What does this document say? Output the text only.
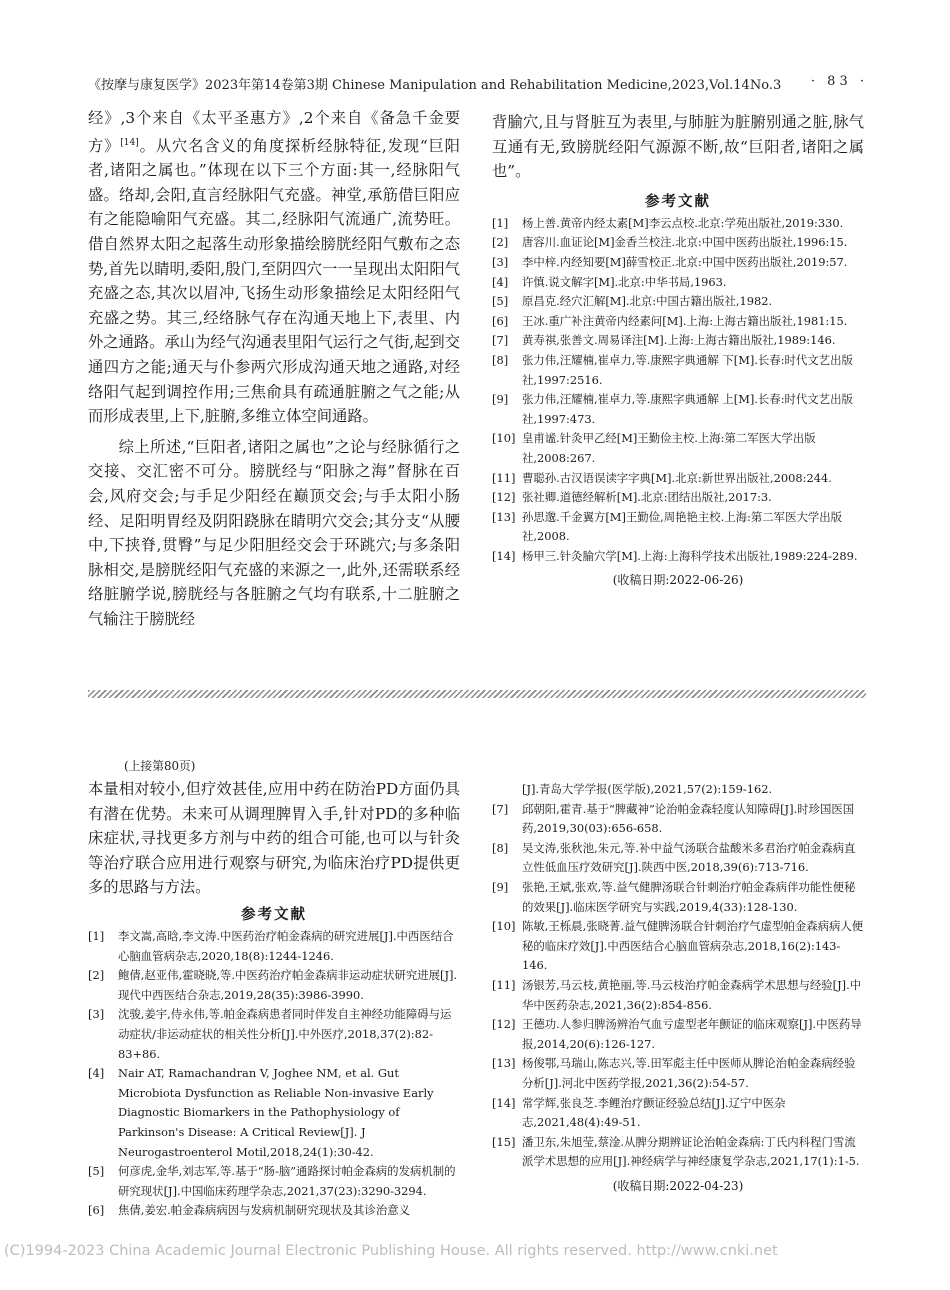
《按摩与康复医学》2023年第14卷第3期 Chinese Manipulation and Rehabilitation Medicine,2023,Vol.14No.3 · 83 ·

经》,3个来自《太平圣惠方》,2个来自《备急千金要方》[14]。从穴名含义的角度探析经脉特征,发现“巨阳者,诸阳之属也。”体现在以下三个方面:其一,经脉阳气盛。络却,会阳,直言经脉阳气充盛。神堂,承筋借巨阳应有之能隐喻阳气充盛。其二,经脉阳气流通广,流势旺。借自然界太阳之起落生动形象描绘膀胱经阳气敷布之态势,首先以睛明,委阳,殷门,至阴四穴一一呈现出太阳阳气充盛之态,其次以眉冲,飞扬生动形象描绘足太阳经阳气充盛之势。其三,经络脉气存在沟通天地上下,表里、内外之通路。承山为经气沟通表里阳气运行之气街,起到交通四方之能;通天与仆参两穴形成沟通天地之通路,对经络阳气起到调控作用;三焦俞具有疏通脏腑之气之能;从而形成表里,上下,脏腑,多维立体空间通路。

综上所述,“巨阳者,诸阳之属也”之论与经脉循行之交接、交汇密不可分。膀胱经与“阳脉之海”督脉在百会,风府交会;与手足少阳经在巅顶交会;与手太阳小肠经、足阳明胃经及阴阳跷脉在睛明穴交会;其分支“从腰中,下挟脊,贯臀”与足少阳胆经交会于环跳穴;与多条阳脉相交,是膀胱经阳气充盛的来源之一,此外,还需联系经络脏腑学说,膀胱经与各脏腑之气均有联系,十二脏腑之气输注于膀胱经

背腧穴,且与肾脏互为表里,与肺脏为脏腑别通之脏,脉气互通有无,致膀胱经阳气源源不断,故“巨阳者,诸阳之属也”。
参考文献
[1] 杨上善.黄帝内经太素[M]李云点校.北京:学苑出版社,2019:330.
[2] 唐容川.血证论[M]金香兰校注.北京:中国中医药出版社,1996:15.
[3] 李中梓.内经知要[M]薛雪校正.北京:中国中医药出版社,2019:57.
[4] 许慎.说文解字[M].北京:中华书局,1963.
[5] 原昌克.经穴汇解[M].北京:中国古籍出版社,1982.
[6] 王冰.重广补注黄帝内经素问[M].上海:上海古籍出版社,1981:15.
[7] 黄寿祺,张善文.周易译注[M].上海:上海古籍出版社,1989:146.
[8] 张力伟,汪耀楠,崔卓力,等.康熙字典通解 下[M].长春:时代文艺出版社,1997:2516.
[9] 张力伟,汪耀楠,崔卓力,等.康熙字典通解 上[M].长春:时代文艺出版社,1997:473.
[10] 皇甫谧.针灸甲乙经[M]王勤俭主校.上海:第二军医大学出版社,2008:267.
[11] 曹聪孙.古汉语误读字字典[M].北京:新世界出版社,2008:244.
[12] 张社卿.道德经解析[M].北京:团结出版社,2017:3.
[13] 孙思邈.千金翼方[M]王勤俭,周艳艳主校.上海:第二军医大学出版社,2008.
[14] 杨甲三.针灸腧穴学[M].上海:上海科学技术出版社,1989:224-289.
(收稿日期:2022-06-26)
(上接第80页)
本量相对较小,但疗效甚佳,应用中药在防治PD方面仍具有潜在优势。未来可从调理脾胃入手,针对PD的多种临床症状,寻找更多方剂与中药的组合可能,也可以与针灸等治疗联合应用进行观察与研究,为临床治疗PD提供更多的思路与方法。
参考文献
[1] 李文嵩,高晗,李文涛.中医药治疗帕金森病的研究进展[J].中西医结合心脑血管病杂志,2020,18(8):1244-1246.
[2] 鲍倩,赵亚伟,霍晓晓,等.中医药治疗帕金森病非运动症状研究进展[J].现代中西医结合杂志,2019,28(35):3986-3990.
[3] 沈骏,姜宇,侍永伟,等.帕金森病患者同时伴发自主神经功能障碍与运动症状/非运动症状的相关性分析[J].中外医疗,2018,37(2):82-83+86.
[4] Nair AT, Ramachandran V, Joghee NM, et al. Gut Microbiota Dysfunction as Reliable Non-invasive Early Diagnostic Biomarkers in the Pathophysiology of Parkinson's Disease: A Critical Review[J]. J Neurogastroenterol Motil,2018,24(1):30-42.
[5] 何彦虎,金华,刘志军,等.基于“肠-脑”通路探讨帕金森病的发病机制的研究现状[J].中国临床药理学杂志,2021,37(23):3290-3294.
[6] 焦倩,姜宏.帕金森病病因与发病机制研究现状及其诊治意义
[J].青岛大学学报(医学版),2021,57(2):159-162.
[7] 邱朝阳,霍青.基于“脾藏神”论治帕金森轻度认知障碍[J].时珍国医国药,2019,30(03):656-658.
[8] 吴文涛,张秋池,朱元,等.补中益气汤联合盐酸米多君治疗帕金森病直立性低血压疗效研究[J].陕西中医,2018,39(6):713-716.
[9] 张艳,王斌,张欢,等.益气健脾汤联合针刺治疗帕金森病伴功能性便秘的效果[J].临床医学研究与实践,2019,4(33):128-130.
[10] 陈敏,王栎晨,张晓菁.益气健脾汤联合针刺治疗气虚型帕金森病病人便秘的临床疗效[J].中西医结合心脑血管病杂志,2018,16(2):143-146.
[11] 汤银芳,马云枝,黄艳丽,等.马云枝治疗帕金森病学术思想与经验[J].中华中医药杂志,2021,36(2):854-856.
[12] 王德功.人参归脾汤辨治气血亏虚型老年颤证的临床观察[J].中医药导报,2014,20(6):126-127.
[13] 杨俊鄂,马瑞山,陈志兴,等.田军彪主任中医师从脾论治帕金森病经验分析[J].河北中医药学报,2021,36(2):54-57.
[14] 常学辉,张良芝.李鲤治疗颤证经验总结[J].辽宁中医杂志,2021,48(4):49-51.
[15] 潘卫东,朱旭莹,蔡淦.从脾分期辨证论治帕金森病:丁氏内科程门雪流派学术思想的应用[J].神经病学与神经康复学杂志,2021,17(1):1-5.
(收稿日期:2022-04-23)
(C)1994-2023 China Academic Journal Electronic Publishing House. All rights reserved. http://www.cnki.net
